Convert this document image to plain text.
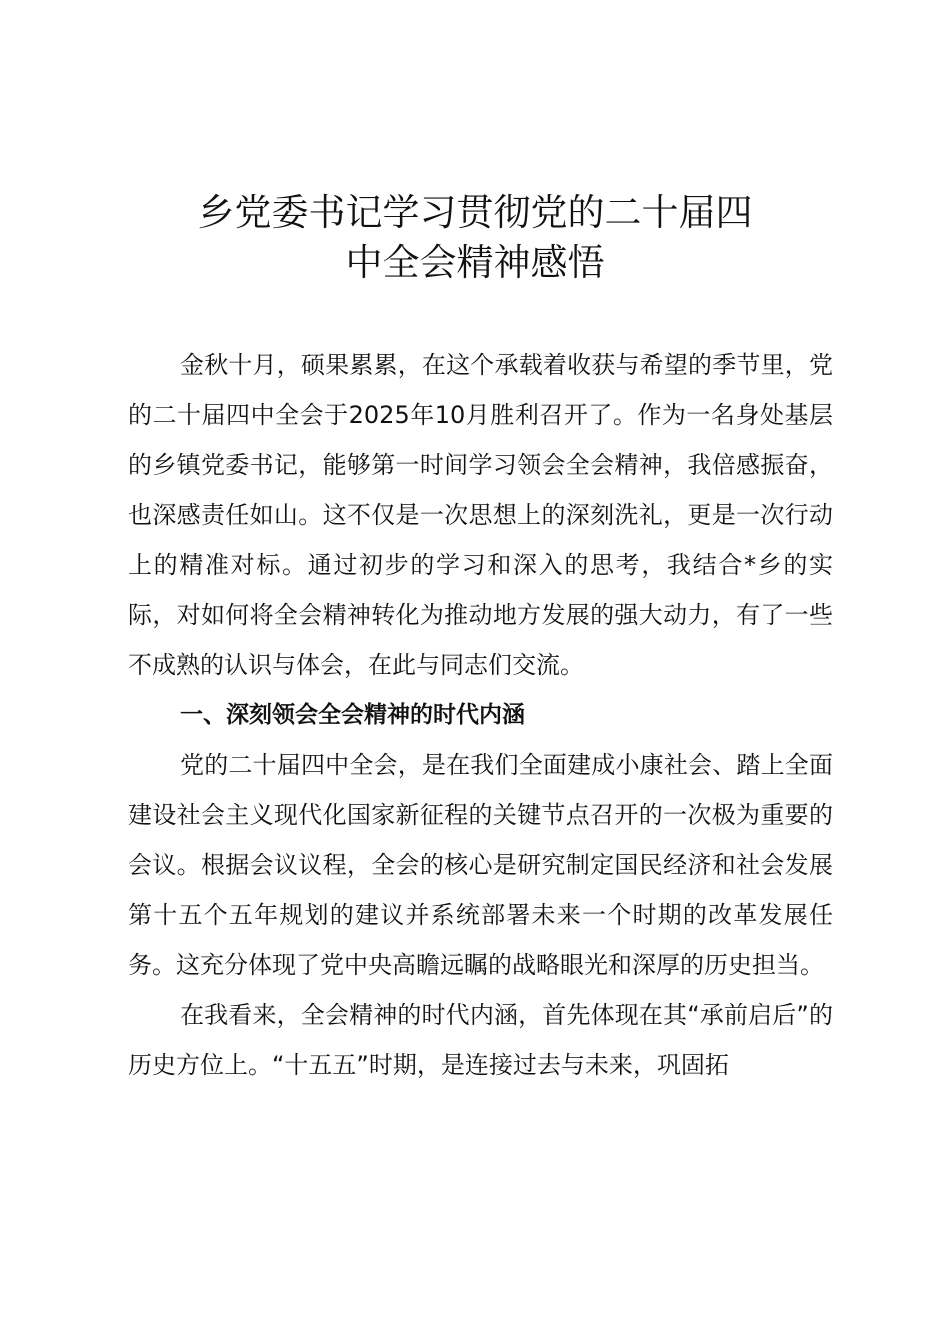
乡党委书记学习贯彻党的二十届四
中全会精神感悟

金秋十月，硕果累累，在这个承载着收获与希望的季节里，党的二十届四中全会于2025年10月胜利召开了。作为一名身处基层的乡镇党委书记，能够第一时间学习领会全会精神，我倍感振奋，也深感责任如山。这不仅是一次思想上的深刻洗礼，更是一次行动上的精准对标。通过初步的学习和深入的思考，我结合*乡的实际，对如何将全会精神转化为推动地方发展的强大动力，有了一些不成熟的认识与体会，在此与同志们交流。

一、深刻领会全会精神的时代内涵

党的二十届四中全会，是在我们全面建成小康社会、踏上全面建设社会主义现代化国家新征程的关键节点召开的一次极为重要的会议。根据会议议程，全会的核心是研究制定国民经济和社会发展第十五个五年规划的建议并系统部署未来一个时期的改革发展任务。这充分体现了党中央高瞻远瞩的战略眼光和深厚的历史担当。

在我看来，全会精神的时代内涵，首先体现在其“承前启后”的历史方位上。“十五五”时期，是连接过去与未来，巩固拓
